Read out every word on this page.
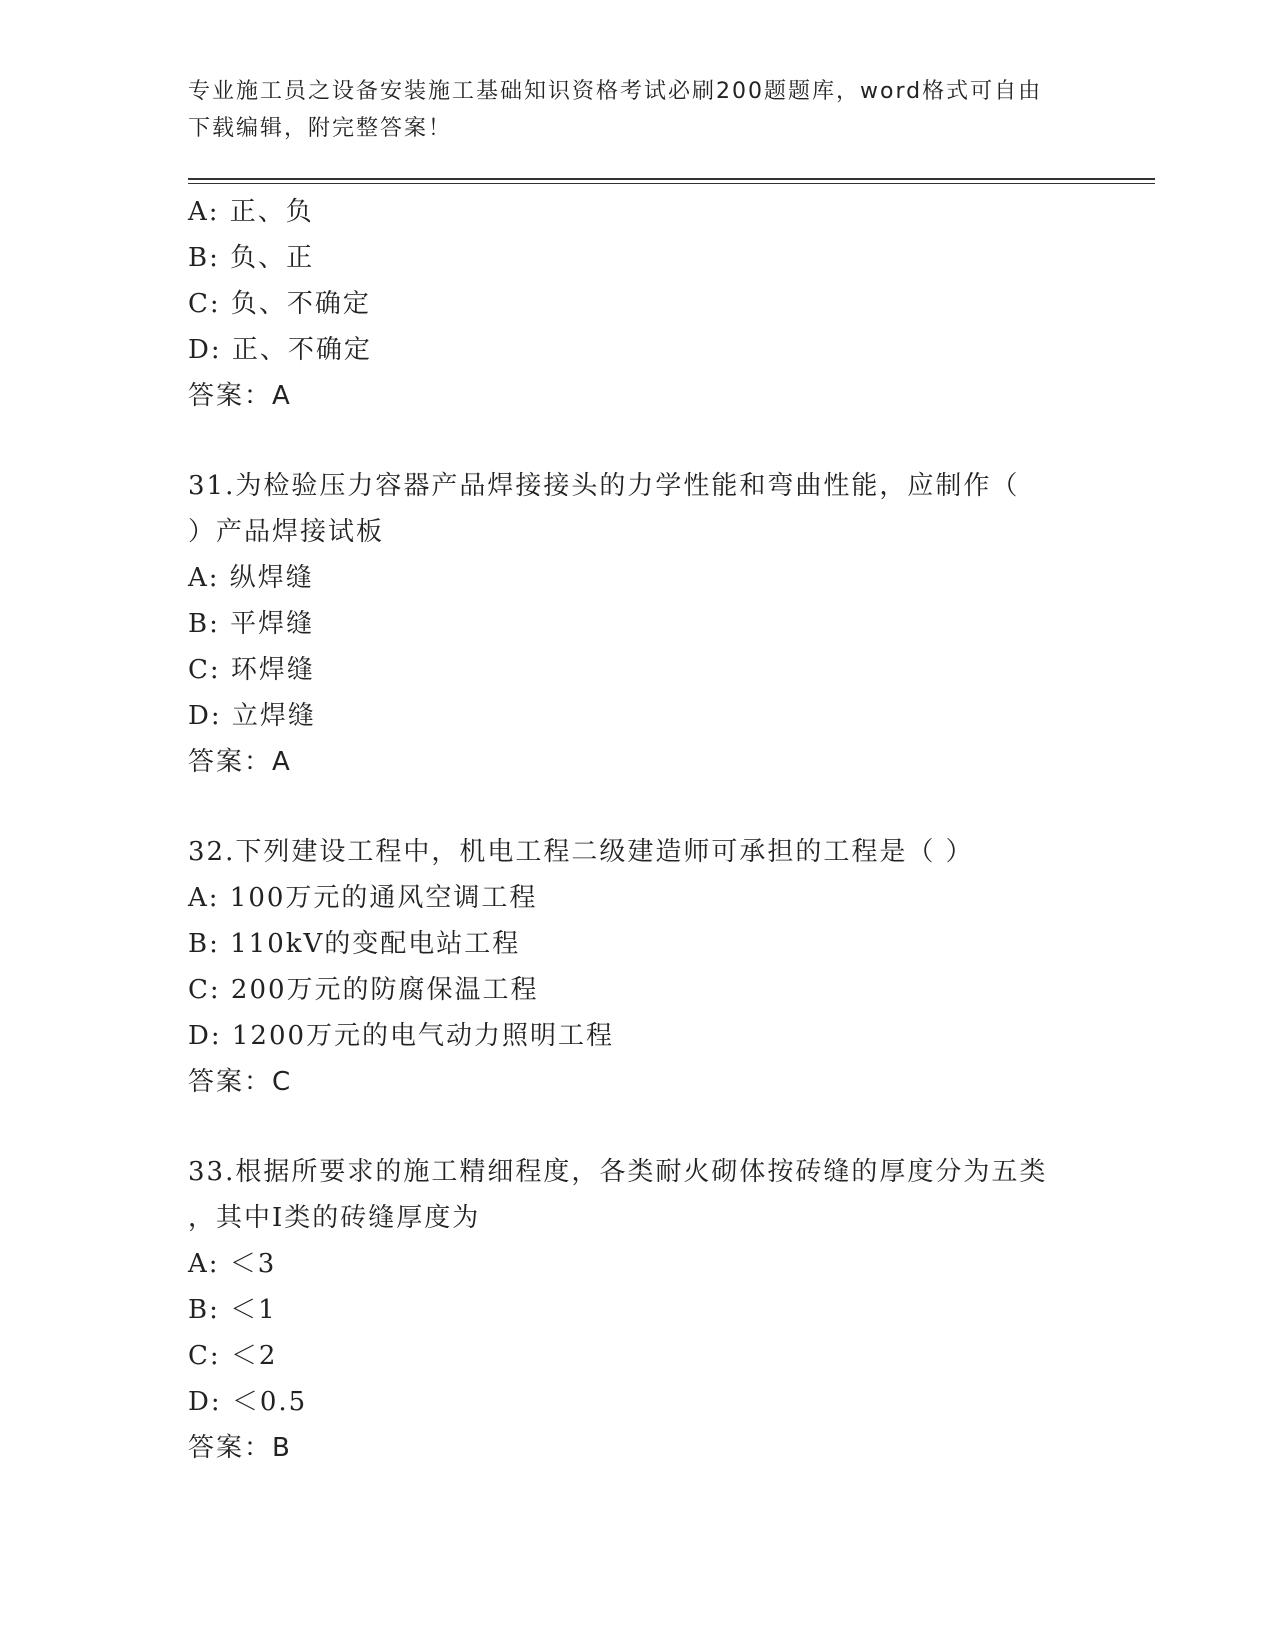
专业施工员之设备安装施工基础知识资格考试必刷200题题库，word格式可自由
下载编辑，附完整答案！
A: 正、负
B: 负、正
C: 负、不确定
D: 正、不确定
答案：A
31.为检验压力容器产品焊接接头的力学性能和弯曲性能，应制作（
）产品焊接试板
A: 纵焊缝
B: 平焊缝
C: 环焊缝
D: 立焊缝
答案：A
32.下列建设工程中，机电工程二级建造师可承担的工程是（ ）
A: 100万元的通风空调工程
B: 110kV的变配电站工程
C: 200万元的防腐保温工程
D: 1200万元的电气动力照明工程
答案：C
33.根据所要求的施工精细程度，各类耐火砌体按砖缝的厚度分为五类
，其中I类的砖缝厚度为
A: ＜3
B: ＜1
C: ＜2
D: ＜0.5
答案：B
